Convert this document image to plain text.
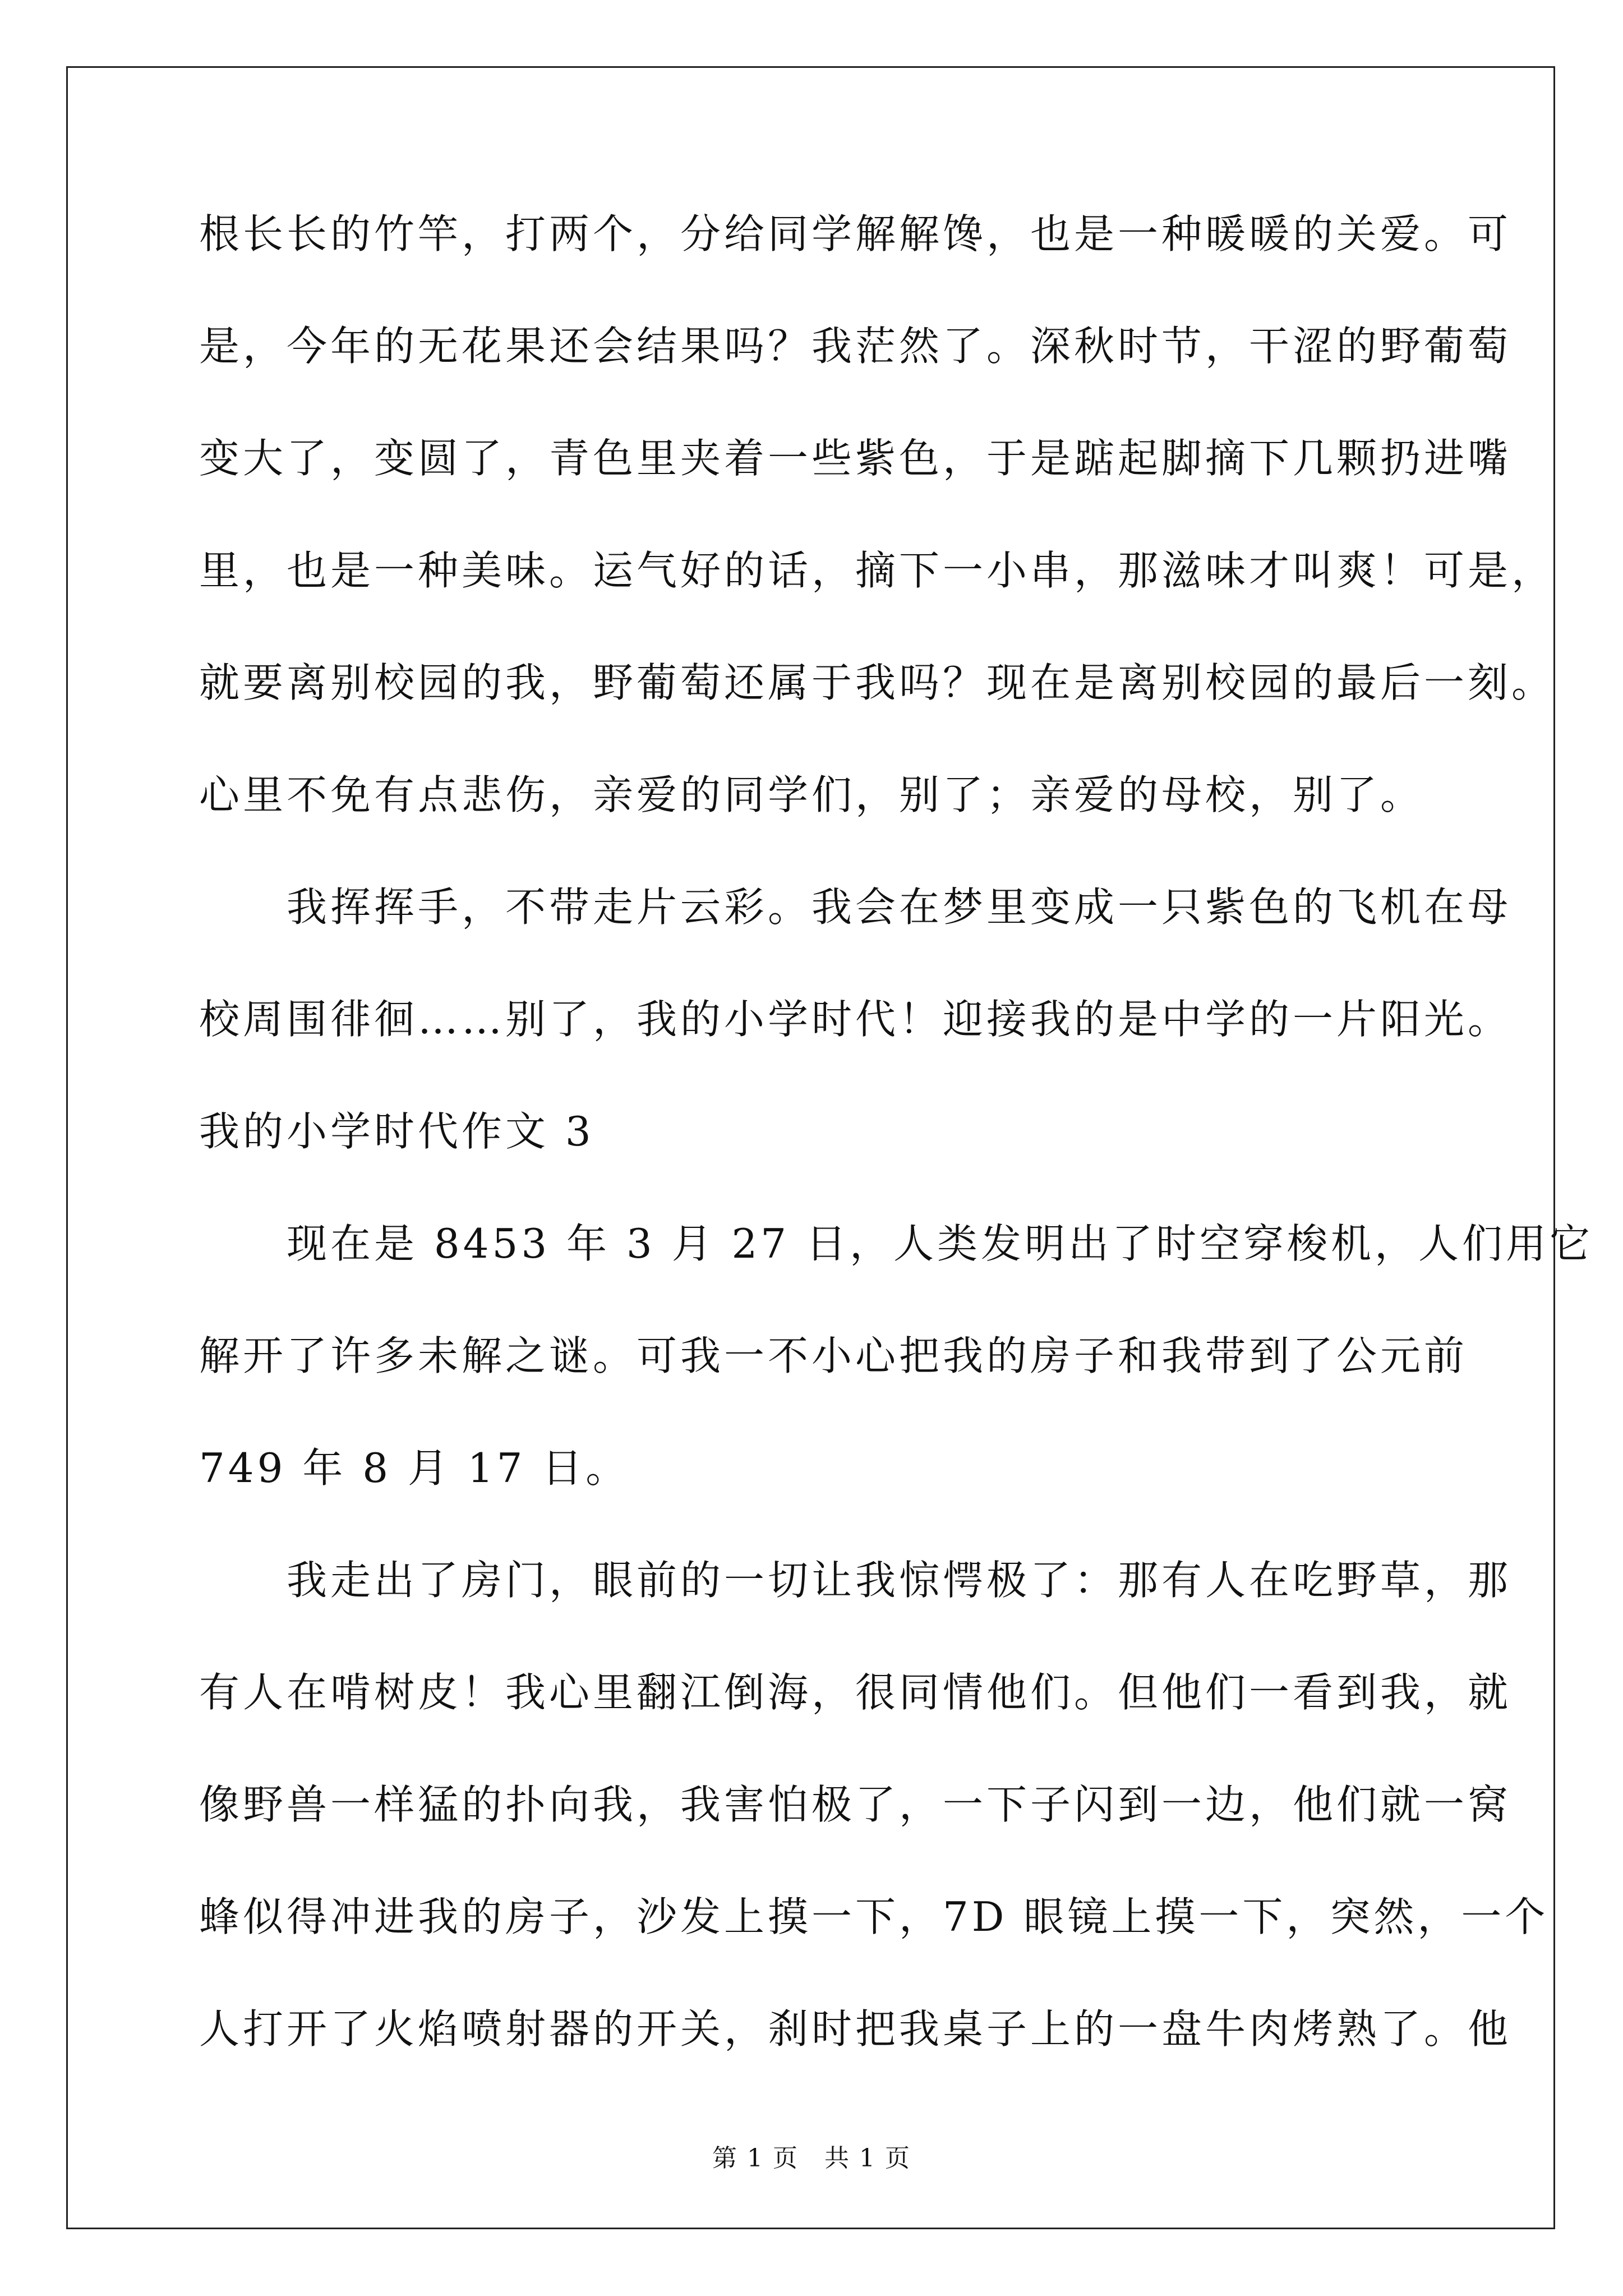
根长长的竹竿，打两个，分给同学解解馋，也是一种暖暖的关爱。可
是，今年的无花果还会结果吗？我茫然了。深秋时节，干涩的野葡萄
变大了，变圆了，青色里夹着一些紫色，于是踮起脚摘下几颗扔进嘴
里，也是一种美味。运气好的话，摘下一小串，那滋味才叫爽！可是，
就要离别校园的我，野葡萄还属于我吗？现在是离别校园的最后一刻。
心里不免有点悲伤，亲爱的同学们，别了；亲爱的母校，别了。
　　我挥挥手，不带走片云彩。我会在梦里变成一只紫色的飞机在母
校周围徘徊……别了，我的小学时代！迎接我的是中学的一片阳光。
我的小学时代作文 3
　　现在是 8453 年 3 月 27 日，人类发明出了时空穿梭机，人们用它
解开了许多未解之谜。可我一不小心把我的房子和我带到了公元前
749 年 8 月 17 日。
　　我走出了房门，眼前的一切让我惊愕极了：那有人在吃野草，那
有人在啃树皮！我心里翻江倒海，很同情他们。但他们一看到我，就
像野兽一样猛的扑向我，我害怕极了，一下子闪到一边，他们就一窝
蜂似得冲进我的房子，沙发上摸一下，7D 眼镜上摸一下，突然，一个
人打开了火焰喷射器的开关，刹时把我桌子上的一盘牛肉烤熟了。他
第 1 页　共 1 页
